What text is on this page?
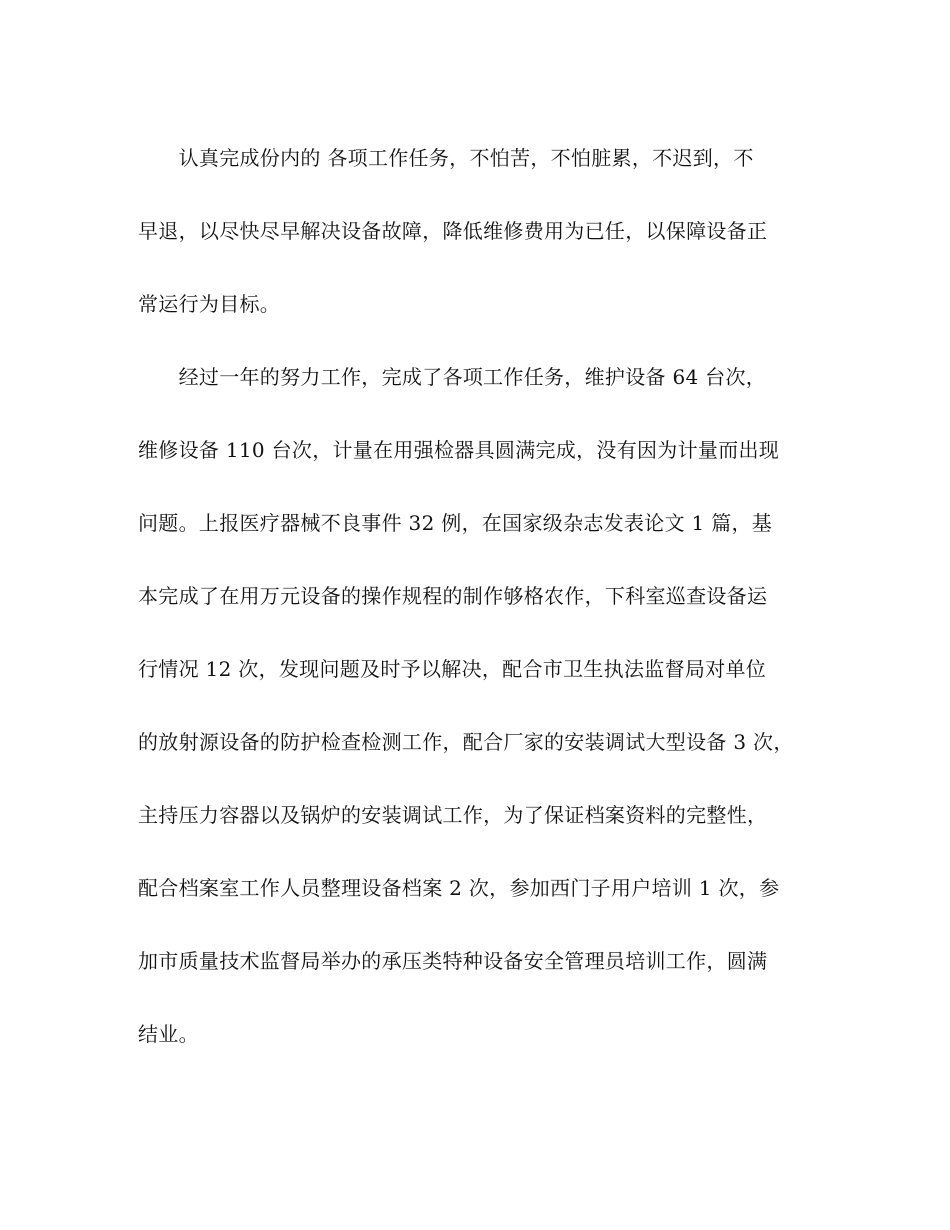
　　认真完成份内的 各项工作任务，不怕苦，不怕脏累，不迟到，不
早退，以尽快尽早解决设备故障，降低维修费用为已任，以保障设备正
常运行为目标。
　　经过一年的努力工作，完成了各项工作任务，维护设备 64 台次，
维修设备 110 台次，计量在用强检器具圆满完成，没有因为计量而出现
问题。上报医疗器械不良事件 32 例，在国家级杂志发表论文 1 篇，基
本完成了在用万元设备的操作规程的制作够格农作，下科室巡查设备运
行情况 12 次，发现问题及时予以解决，配合市卫生执法监督局对单位
的放射源设备的防护检查检测工作，配合厂家的安装调试大型设备 3 次，
主持压力容器以及锅炉的安装调试工作，为了保证档案资料的完整性，
配合档案室工作人员整理设备档案 2 次，参加西门子用户培训 1 次，参
加市质量技术监督局举办的承压类特种设备安全管理员培训工作，圆满
结业。
